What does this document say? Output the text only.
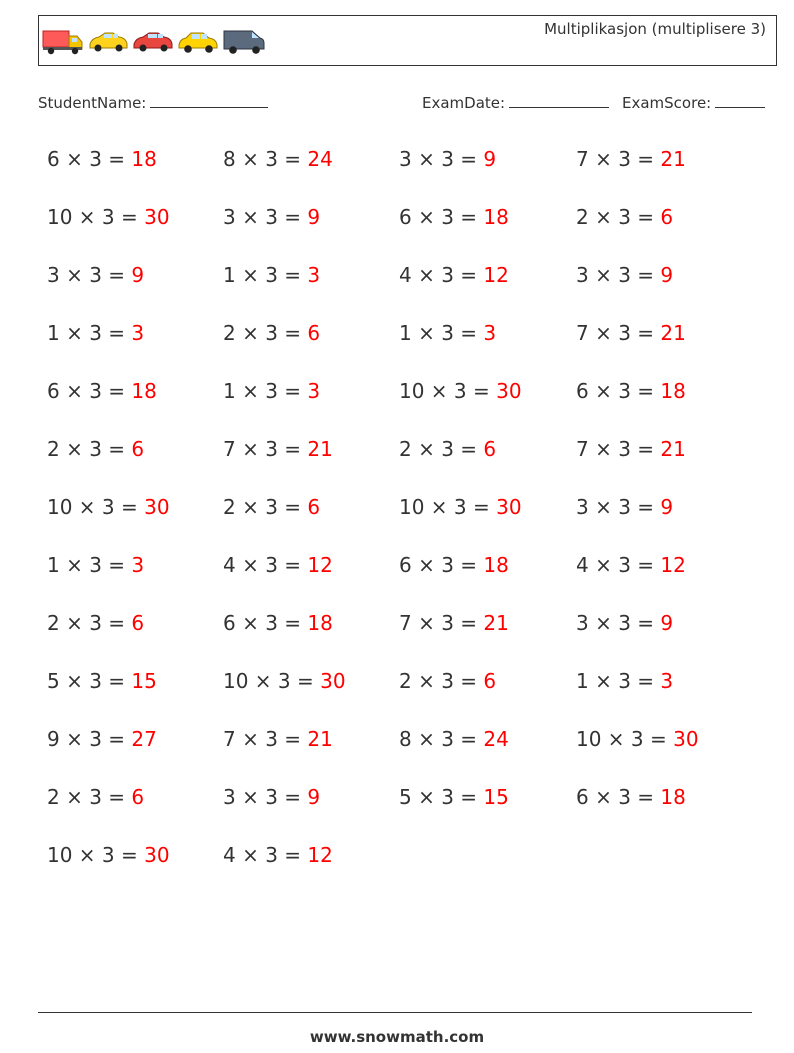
Multiplikasjon (multiplisere 3)
StudentName:	ExamDate:	ExamScore:
6 × 3 = 18	8 × 3 = 24	3 × 3 = 9	7 × 3 = 21
10 × 3 = 30	3 × 3 = 9	6 × 3 = 18	2 × 3 = 6
3 × 3 = 9	1 × 3 = 3	4 × 3 = 12	3 × 3 = 9
1 × 3 = 3	2 × 3 = 6	1 × 3 = 3	7 × 3 = 21
6 × 3 = 18	1 × 3 = 3	10 × 3 = 30	6 × 3 = 18
2 × 3 = 6	7 × 3 = 21	2 × 3 = 6	7 × 3 = 21
10 × 3 = 30	2 × 3 = 6	10 × 3 = 30	3 × 3 = 9
1 × 3 = 3	4 × 3 = 12	6 × 3 = 18	4 × 3 = 12
2 × 3 = 6	6 × 3 = 18	7 × 3 = 21	3 × 3 = 9
5 × 3 = 15	10 × 3 = 30	2 × 3 = 6	1 × 3 = 3
9 × 3 = 27	7 × 3 = 21	8 × 3 = 24	10 × 3 = 30
2 × 3 = 6	3 × 3 = 9	5 × 3 = 15	6 × 3 = 18
10 × 3 = 30	4 × 3 = 12
www.snowmath.com
